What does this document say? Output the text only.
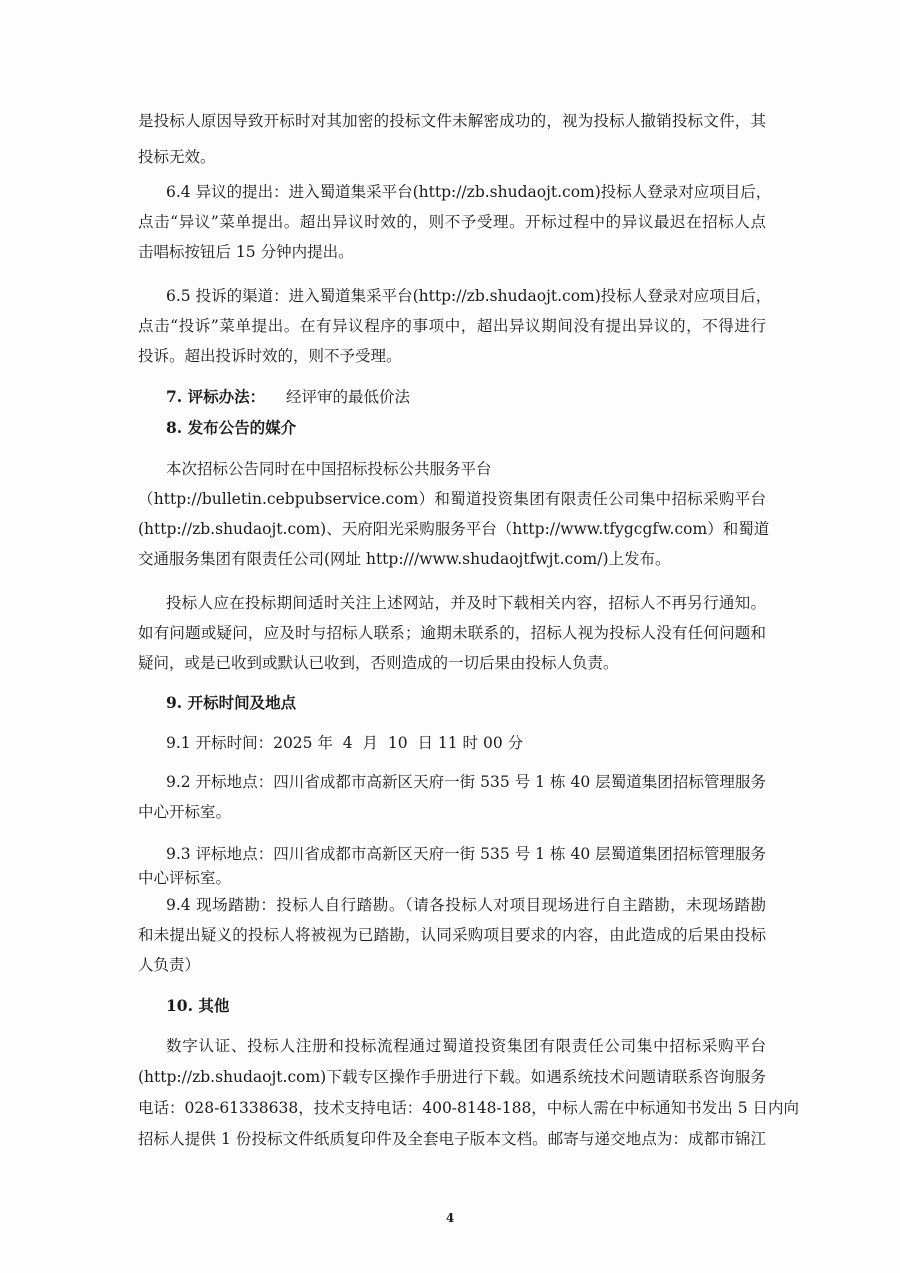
是投标人原因导致开标时对其加密的投标文件未解密成功的，视为投标人撤销投标文件，其
投标无效。
6.4 异议的提出：进入蜀道集采平台(http://zb.shudaojt.com)投标人登录对应项目后，
点击“异议”菜单提出。超出异议时效的，则不予受理。开标过程中的异议最迟在招标人点
击唱标按钮后 15 分钟内提出。
6.5 投诉的渠道：进入蜀道集采平台(http://zb.shudaojt.com)投标人登录对应项目后，
点击“投诉”菜单提出。在有异议程序的事项中，超出异议期间没有提出异议的，不得进行
投诉。超出投诉时效的，则不予受理。
7. 评标办法： 经评审的最低价法
8. 发布公告的媒介
本次招标公告同时在中国招标投标公共服务平台
（http://bulletin.cebpubservice.com）和蜀道投资集团有限责任公司集中招标采购平台
(http://zb.shudaojt.com)、天府阳光采购服务平台（http://www.tfygcgfw.com）和蜀道
交通服务集团有限责任公司(网址 http:///www.shudaojtfwjt.com/)上发布。
投标人应在投标期间适时关注上述网站，并及时下载相关内容，招标人不再另行通知。
如有问题或疑问，应及时与招标人联系；逾期未联系的，招标人视为投标人没有任何问题和
疑问，或是已收到或默认已收到，否则造成的一切后果由投标人负责。
9. 开标时间及地点
9.1 开标时间：2025 年  4  月  10  日 11 时 00 分
9.2 开标地点：四川省成都市高新区天府一街 535 号 1 栋 40 层蜀道集团招标管理服务
中心开标室。
9.3 评标地点：四川省成都市高新区天府一街 535 号 1 栋 40 层蜀道集团招标管理服务
中心评标室。
9.4 现场踏勘：投标人自行踏勘。（请各投标人对项目现场进行自主踏勘，未现场踏勘
和未提出疑义的投标人将被视为已踏勘，认同采购项目要求的内容，由此造成的后果由投标
人负责）
10. 其他
数字认证、投标人注册和投标流程通过蜀道投资集团有限责任公司集中招标采购平台
(http://zb.shudaojt.com)下载专区操作手册进行下载。如遇系统技术问题请联系咨询服务
电话：028-61338638，技术支持电话：400-8148-188，中标人需在中标通知书发出 5 日内向
招标人提供 1 份投标文件纸质复印件及全套电子版本文档。邮寄与递交地点为：成都市锦江
4
